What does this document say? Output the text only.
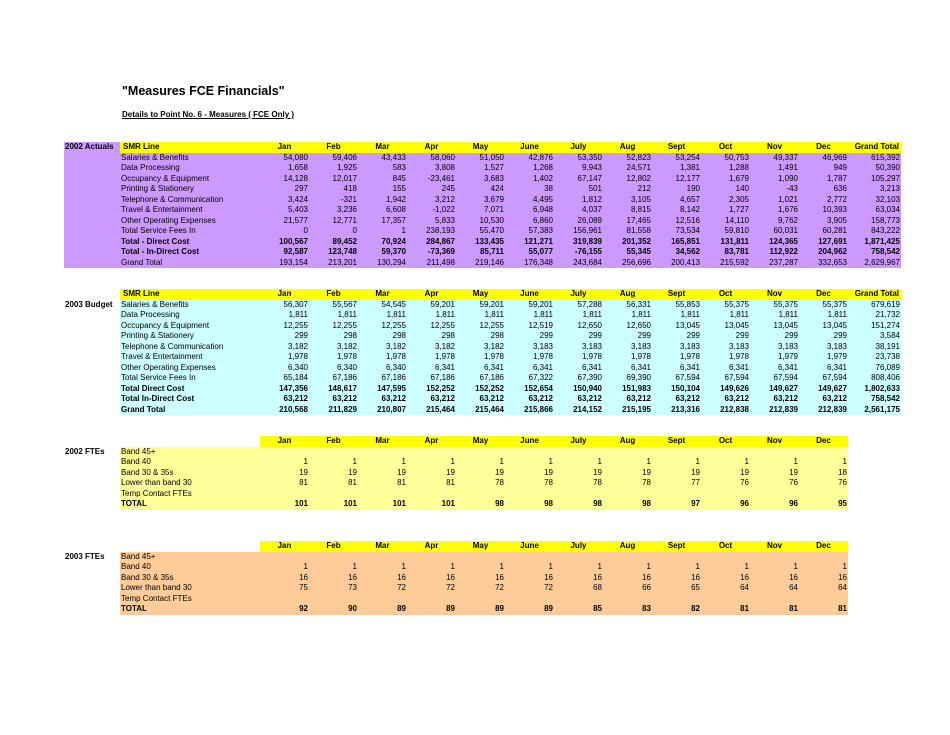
"Measures FCE Financials"
Details to Point No. 6 - Measures ( FCE Only )
2002 Actuals	SMR Line	Jan	Feb	Mar	Apr	May	June	July	Aug	Sept	Oct	Nov	Dec	Grand Total
	Salaries & Benefits	54,080	59,406	43,433	58,060	51,050	42,876	53,350	52,823	53,254	50,753	49,337	46,969	615,392
	Data Processing	1,658	1,925	583	3,808	1,527	1,268	9,943	24,571	1,381	1,288	1,491	949	50,390
	Occupancy & Equipment	14,128	12,017	845	-23,461	3,683	1,402	67,147	12,802	12,177	1,679	1,090	1,787	105,297
	Printing & Stationery	297	418	155	245	424	38	501	212	190	140	-43	636	3,213
	Telephone & Communication	3,424	-321	1,942	3,212	3,679	4,495	1,812	3,105	4,657	2,305	1,021	2,772	32,103
	Travel & Entertainment	5,403	3,236	6,608	-1,022	7,071	6,948	4,037	8,815	8,142	1,727	1,676	10,393	63,034
	Other Operating Expenses	21,577	12,771	17,357	5,833	10,530	6,860	26,089	17,465	12,516	14,110	9,762	3,905	158,773
	Total Service Fees In	0	0	1	238,193	55,470	57,383	156,961	81,558	73,534	59,810	60,031	60,281	843,222
	Total - Direct Cost	100,567	89,452	70,924	284,867	133,435	121,271	319,839	201,352	165,851	131,811	124,365	127,691	1,871,425
	Total - In-Direct Cost	92,587	123,748	59,370	-73,369	85,711	55,077	-76,155	55,345	34,562	83,781	112,922	204,962	758,542
	Grand Total	193,154	213,201	130,294	211,498	219,146	176,348	243,684	256,696	200,413	215,592	237,287	332,653	2,629,967
	SMR Line	Jan	Feb	Mar	Apr	May	June	July	Aug	Sept	Oct	Nov	Dec	Grand Total
2003 Budget	Salaries & Benefits	56,307	55,567	54,545	59,201	59,201	59,201	57,288	56,331	55,853	55,375	55,375	55,375	679,619
	Data Processing	1,811	1,811	1,811	1,811	1,811	1,811	1,811	1,811	1,811	1,811	1,811	1,811	21,732
	Occupancy & Equipment	12,255	12,255	12,255	12,255	12,255	12,519	12,650	12,650	13,045	13,045	13,045	13,045	151,274
	Printing & Stationery	299	298	298	298	298	299	299	299	299	299	299	299	3,584
	Telephone & Communication	3,182	3,182	3,182	3,182	3,182	3,183	3,183	3,183	3,183	3,183	3,183	3,183	38,191
	Travel & Entertainment	1,978	1,978	1,978	1,978	1,978	1,978	1,978	1,978	1,978	1,978	1,979	1,979	23,738
	Other Operating Expenses	6,340	6,340	6,340	6,341	6,341	6,341	6,341	6,341	6,341	6,341	6,341	6,341	76,089
	Total Service Fees In	65,184	67,186	67,186	67,186	67,186	67,322	67,390	69,390	67,594	67,594	67,594	67,594	808,406
	Total Direct Cost	147,356	148,617	147,595	152,252	152,252	152,654	150,940	151,983	150,104	149,626	149,627	149,627	1,802,633
	Total In-Direct Cost	63,212	63,212	63,212	63,212	63,212	63,212	63,212	63,212	63,212	63,212	63,212	63,212	758,542
	Grand Total	210,568	211,829	210,807	215,464	215,464	215,866	214,152	215,195	213,316	212,838	212,839	212,839	2,561,175
		Jan	Feb	Mar	Apr	May	June	July	Aug	Sept	Oct	Nov	Dec
2002 FTEs	Band 45+												
	Band 40	1	1	1	1	1	1	1	1	1	1	1	1
	Band 30 & 35s	19	19	19	19	19	19	19	19	19	19	19	18
	Lower than band 30	81	81	81	81	78	78	78	78	77	76	76	76
	Temp Contact FTEs												
	TOTAL	101	101	101	101	98	98	98	98	97	96	96	95
		Jan	Feb	Mar	Apr	May	June	July	Aug	Sept	Oct	Nov	Dec
2003 FTEs	Band 45+												
	Band 40	1	1	1	1	1	1	1	1	1	1	1	1
	Band 30 & 35s	16	16	16	16	16	16	16	16	16	16	16	16
	Lower than band 30	75	73	72	72	72	72	68	66	65	64	64	64
	Temp Contact FTEs												
	TOTAL	92	90	89	89	89	89	85	83	82	81	81	81
